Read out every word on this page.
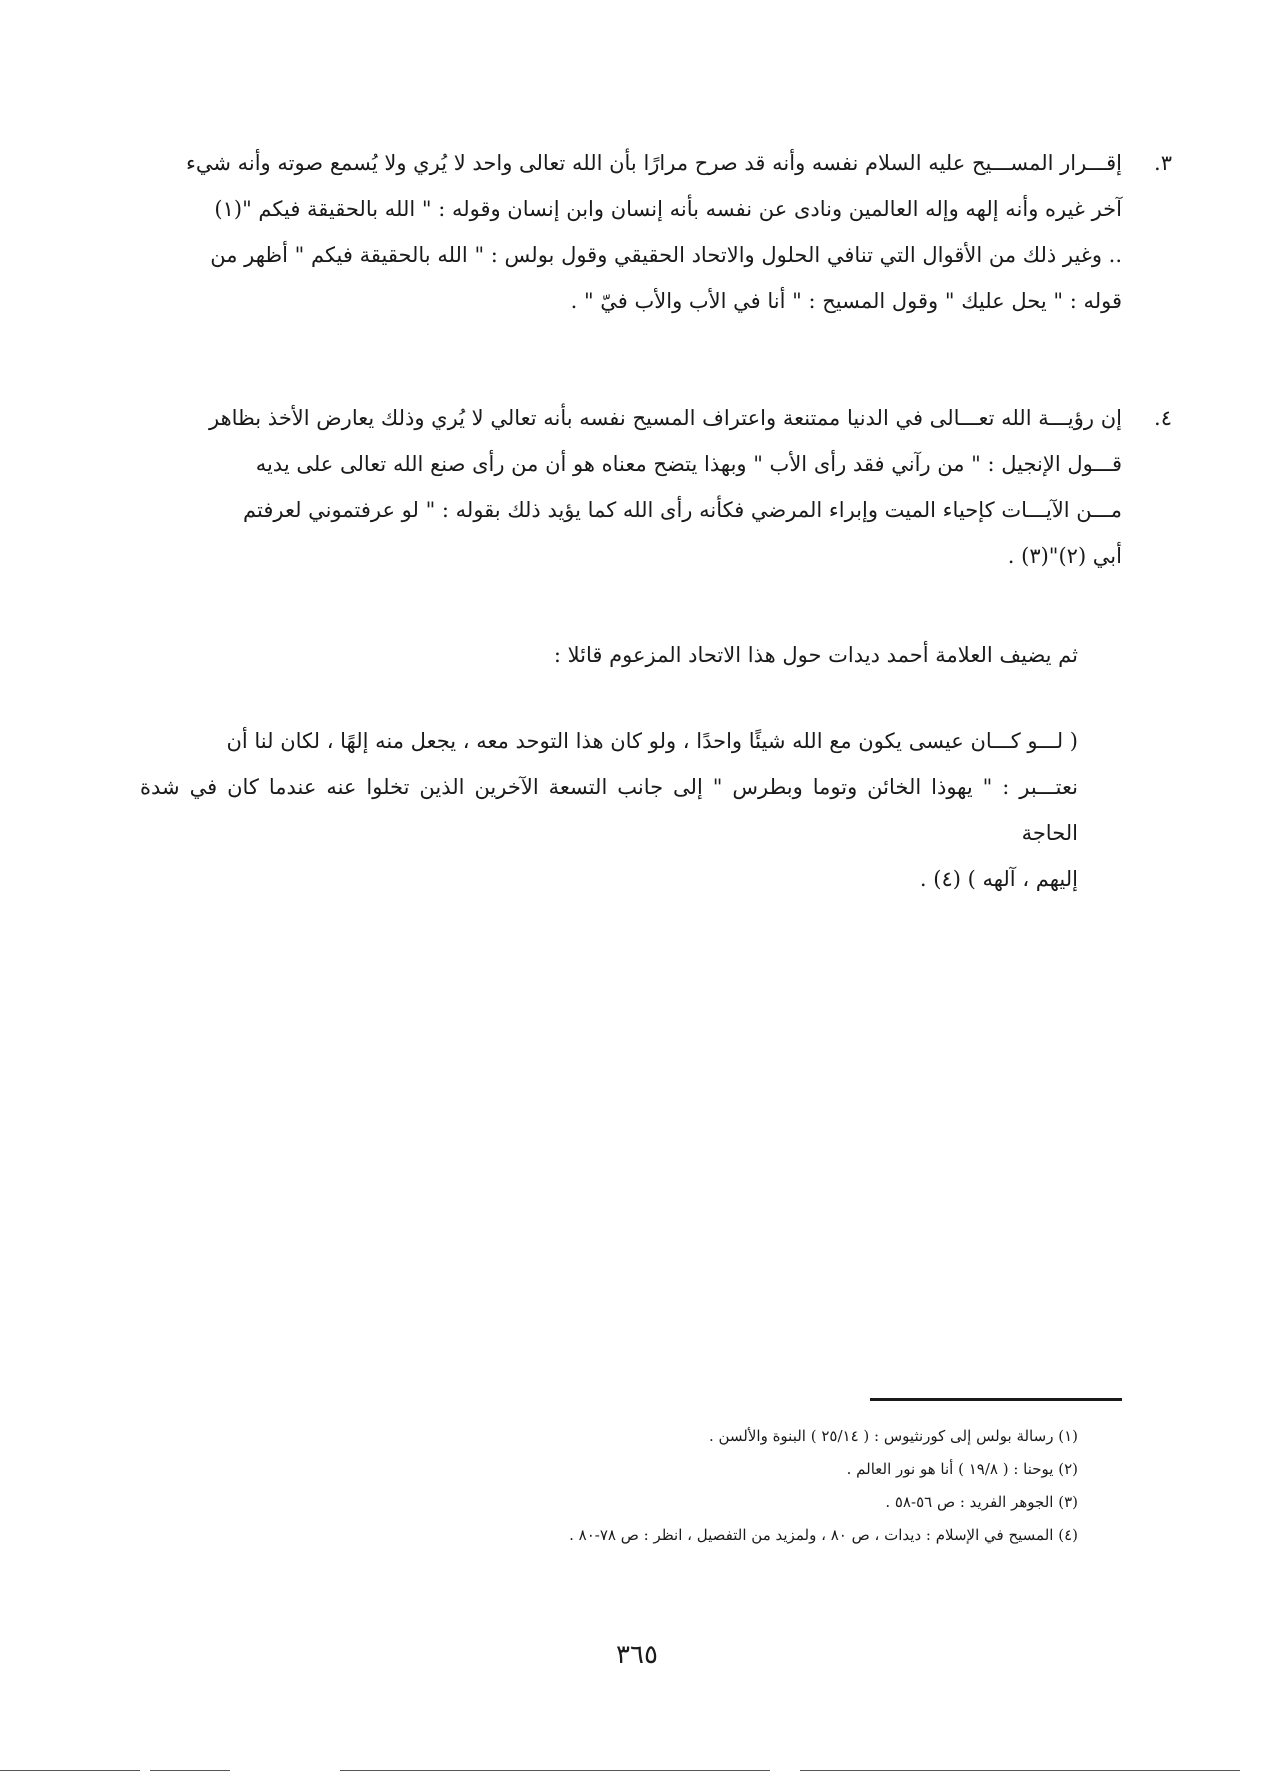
٣.

إقـــرار المســـيح عليه السلام نفسه وأنه قد صرح مرارًا بأن الله تعالى واحد لا يُري ولا يُسمع صوته وأنه شيء

آخر غيره وأنه إلهه وإله العالمين ونادى عن نفسه بأنه إنسان وابن إنسان وقوله : " الله بالحقيقة فيكم "(١)

.. وغير ذلك من الأقوال التي تنافي الحلول والاتحاد الحقيقي وقول بولس : " الله بالحقيقة فيكم " أظهر من

قوله : " يحل عليك " وقول المسيح : " أنا في الأب والأب فيّ " .

٤.

إن رؤيـــة الله تعـــالى في الدنيا ممتنعة واعتراف المسيح نفسه بأنه تعالي لا يُري وذلك يعارض الأخذ بظاهر

قـــول الإنجيل : " من رآني فقد رأى الأب " وبهذا يتضح معناه هو أن من رأى صنع الله تعالى على يديه

مـــن الآيـــات كإحياء الميت وإبراء المرضي فكأنه رأى الله كما يؤيد ذلك بقوله : " لو عرفتموني لعرفتم

أبي (٢)"(٣) .

ثم يضيف العلامة أحمد ديدات حول هذا الاتحاد المزعوم قائلا :

( لـــو كـــان عيسى يكون مع الله شيئًا واحدًا ، ولو كان هذا التوحد معه ، يجعل منه إلهًا ، لكان لنا أن

نعتـــبر : " يهوذا الخائن وتوما وبطرس " إلى جانب التسعة الآخرين الذين تخلوا عنه عندما كان في شدة الحاجة

إليهم ، آلهه ) (٤) .

(١) رسالة بولس إلى كورنثيوس : ( ٢٥/١٤ ) البنوة والألسن .
(٢) يوحنا : ( ١٩/٨ ) أنا هو نور العالم .
(٣) الجوهر الفريد : ص ٥٦-٥٨ .
(٤) المسيح في الإسلام : ديدات ، ص ٨٠ ، ولمزيد من التفصيل ، انظر : ص ٧٨-٨٠ .
٣٦٥
